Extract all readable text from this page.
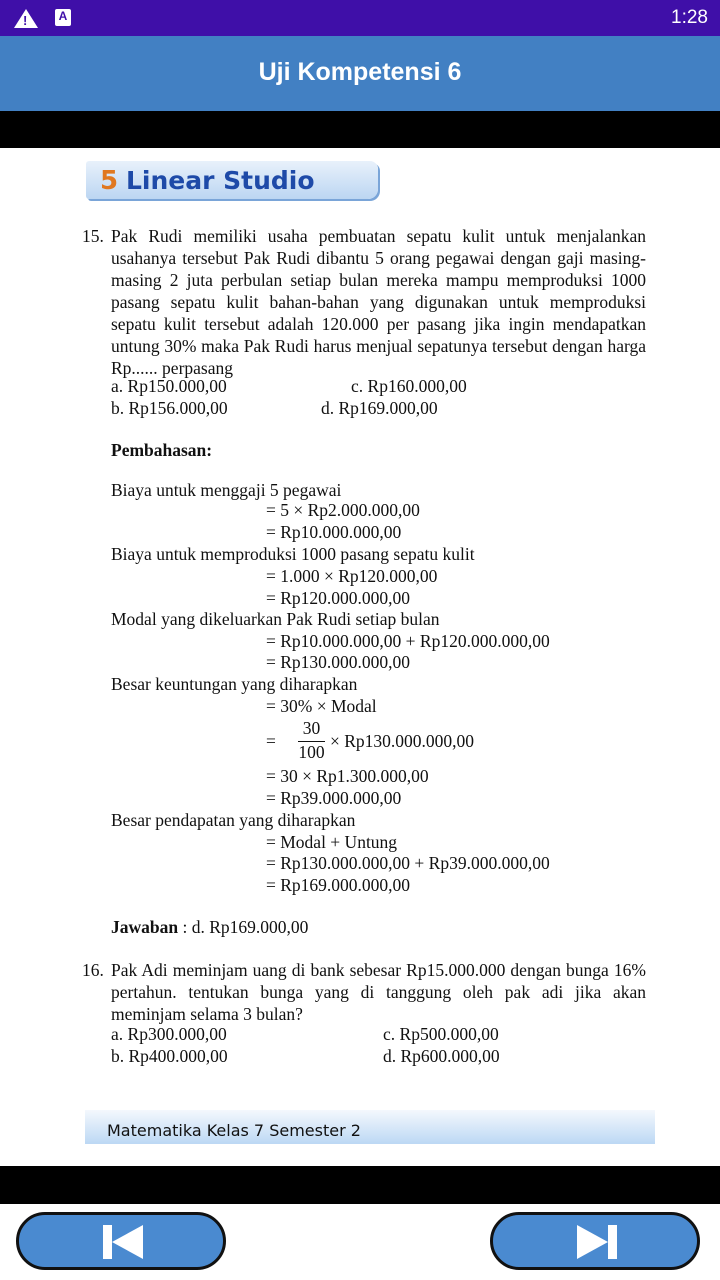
!
A	1:28
Uji Kompetensi 6
5 Linear Studio
15. Pak Rudi memiliki usaha pembuatan sepatu kulit untuk menjalankan usahanya tersebut Pak Rudi dibantu 5 orang pegawai dengan gaji masing-masing 2 juta perbulan setiap bulan mereka mampu memproduksi 1000 pasang sepatu kulit bahan-bahan yang digunakan untuk memproduksi sepatu kulit tersebut adalah 120.000 per pasang jika ingin mendapatkan untung 30% maka Pak Rudi harus menjual sepatunya tersebut dengan harga Rp...... perpasang
a. Rp150.000,00	c. Rp160.000,00
b. Rp156.000,00	d. Rp169.000,00
Pembahasan:
Biaya untuk menggaji 5 pegawai
= 5 × Rp2.000.000,00
= Rp10.000.000,00
Biaya untuk memproduksi 1000 pasang sepatu kulit
= 1.000 × Rp120.000,00
= Rp120.000.000,00
Modal yang dikeluarkan Pak Rudi setiap bulan
= Rp10.000.000,00 + Rp120.000.000,00
= Rp130.000.000,00
Besar keuntungan yang diharapkan
= 30% × Modal
= $\frac{30}{100} \times Rp130.000.000,00$
= 30 × Rp1.300.000,00
= Rp39.000.000,00
Besar pendapatan yang diharapkan
= Modal + Untung
= Rp130.000.000,00 + Rp39.000.000,00
= Rp169.000.000,00
Jawaban : d. Rp169.000,00
16. Pak Adi meminjam uang di bank sebesar Rp15.000.000 dengan bunga 16% pertahun. tentukan bunga yang di tanggung oleh pak adi jika akan meminjam selama 3 bulan?
a. Rp300.000,00	c. Rp500.000,00
b. Rp400.000,00	d. Rp600.000,00
Matematika Kelas 7 Semester 2
